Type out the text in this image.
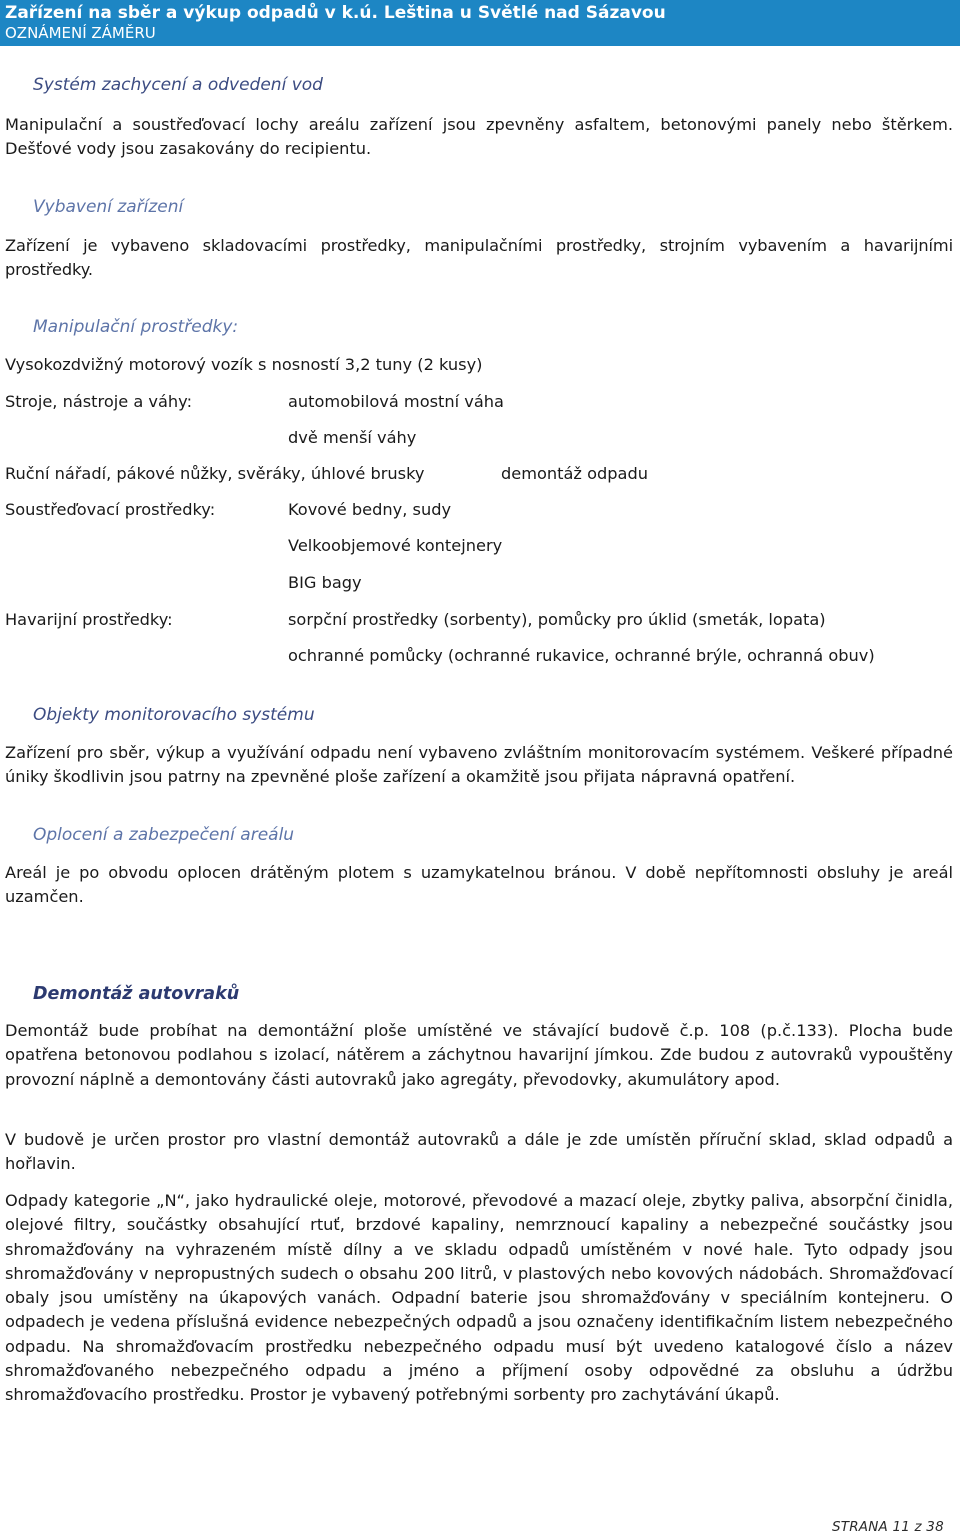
Zařízení na sběr a výkup odpadů v k.ú. Leština u Světlé nad Sázavou
OZNÁMENÍ ZÁMĚRU
Systém zachycení a odvedení vod
Manipulační a soustřeďovací lochy areálu zařízení jsou zpevněny asfaltem, betonovými panely nebo štěrkem. Dešťové vody jsou zasakovány do recipientu.
Vybavení zařízení
Zařízení je vybaveno skladovacími prostředky, manipulačními prostředky, strojním vybavením a havarijními prostředky.
Manipulační prostředky:
Vysokozdvižný motorový vozík s nosností 3,2 tuny (2 kusy)
Stroje, nástroje a váhy:	automobilová mostní váha
dvě menší váhy
Ruční nářadí, pákové nůžky, svěráky, úhlové brusky	demontáž odpadu
Soustřeďovací prostředky:	Kovové bedny, sudy
Velkoobjemové kontejnery
BIG bagy
Havarijní prostředky:	sorpční prostředky (sorbenty), pomůcky pro úklid (smeták, lopata)
ochranné pomůcky (ochranné rukavice, ochranné brýle, ochranná obuv)
Objekty monitorovacího systému
Zařízení pro sběr, výkup a využívání odpadu není vybaveno zvláštním monitorovacím systémem. Veškeré případné úniky škodlivin jsou patrny na zpevněné ploše zařízení a okamžitě jsou přijata nápravná opatření.
Oplocení a zabezpečení areálu
Areál je po obvodu oplocen drátěným plotem s uzamykatelnou bránou. V době nepřítomnosti obsluhy je areál uzamčen.
Demontáž autovraků
Demontáž bude probíhat na demontážní ploše umístěné ve stávající budově č.p. 108 (p.č.133). Plocha bude opatřena betonovou podlahou s izolací, nátěrem a záchytnou havarijní jímkou. Zde budou z autovraků vypouštěny provozní náplně a demontovány části autovraků jako agregáty, převodovky, akumulátory apod.
V budově je určen prostor pro vlastní demontáž autovraků a dále je zde umístěn příruční sklad, sklad odpadů a hořlavin.
Odpady kategorie „N“, jako hydraulické oleje, motorové, převodové a mazací oleje, zbytky paliva, absorpční činidla, olejové filtry, součástky obsahující rtuť, brzdové kapaliny, nemrznoucí kapaliny a nebezpečné součástky jsou shromažďovány na vyhrazeném místě dílny a ve skladu odpadů umístěném v nové hale. Tyto odpady jsou shromažďovány v nepropustných sudech o obsahu 200 litrů, v plastových nebo kovových nádobách. Shromažďovací obaly jsou umístěny na úkapových vanách. Odpadní baterie jsou shromažďovány v speciálním kontejneru. O odpadech je vedena příslušná evidence nebezpečných odpadů a jsou označeny identifikačním listem nebezpečného odpadu. Na shromažďovacím prostředku nebezpečného odpadu musí být uvedeno katalogové číslo a název shromažďovaného nebezpečného odpadu a jméno a příjmení osoby odpovědné za obsluhu a údržbu shromažďovacího prostředku. Prostor je vybavený potřebnými sorbenty pro zachytávání úkapů.
STRANA 11 z 38
